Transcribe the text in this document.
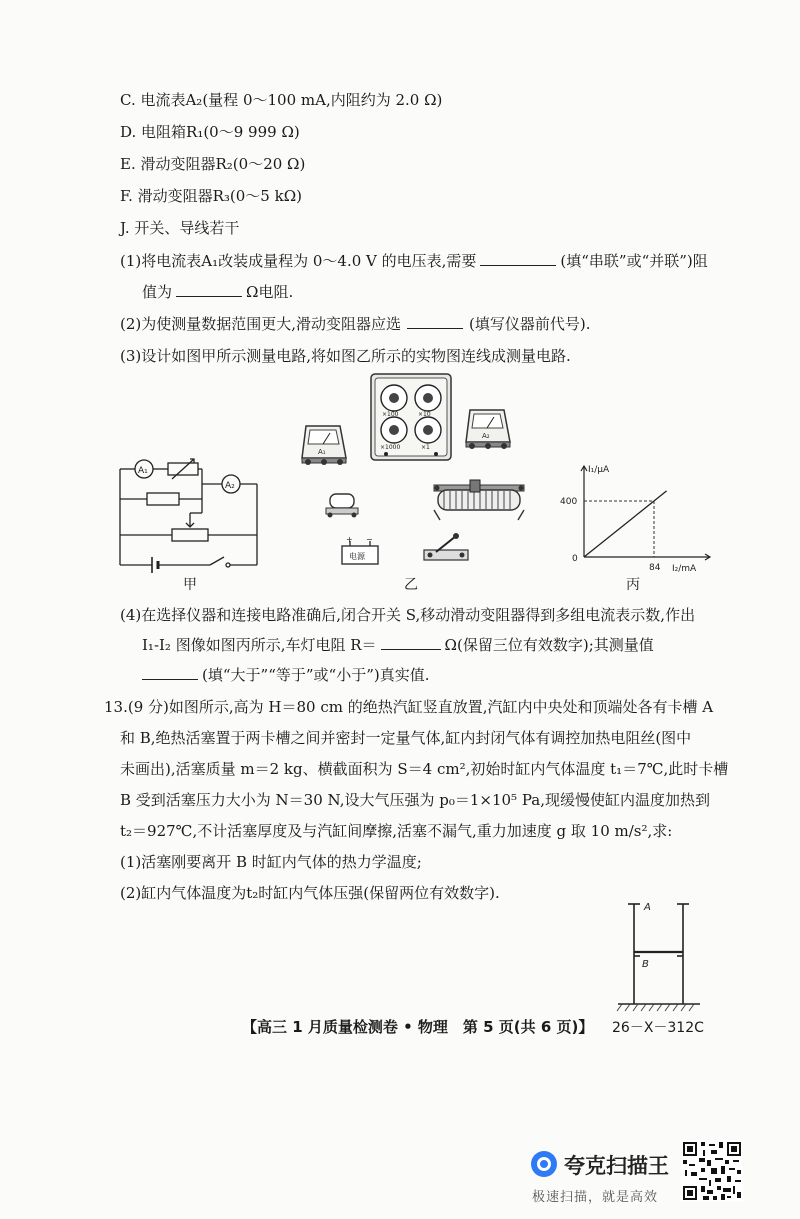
C. 电流表A₂(量程 0～100 mA,内阻约为 2.0 Ω)
D. 电阻箱R₁(0～9 999 Ω)
E. 滑动变阻器R₂(0～20 Ω)
F. 滑动变阻器R₃(0～5 kΩ)
J. 开关、导线若干
(1)将电流表A₁改装成量程为 0～4.0 V 的电压表,需要	(填“串联”或“并联”)阻
值为	Ω电阻.
(2)为使测量数据范围更大,滑动变阻器应选	(填写仪器前代号).
(3)设计如图甲所示测量电路,将如图乙所示的实物图连线成测量电路.
A₁
A₂
甲
×100	×10
×1000	×1
A₁
A₂
+ −
电源
乙
I₁/μA
I₂/mA
400
84
0
丙
(4)在选择仪器和连接电路准确后,闭合开关 S,移动滑动变阻器得到多组电流表示数,作出
I₁-I₂ 图像如图丙所示,车灯电阻 R＝	Ω(保留三位有效数字);其测量值
(填“大于”“等于”或“小于”)真实值.
13.(9 分)如图所示,高为 H＝80 cm 的绝热汽缸竖直放置,汽缸内中央处和顶端处各有卡槽 A
和 B,绝热活塞置于两卡槽之间并密封一定量气体,缸内封闭气体有调控加热电阻丝(图中
未画出),活塞质量 m＝2 kg、横截面积为 S＝4 cm²,初始时缸内气体温度 t₁＝7℃,此时卡槽
B 受到活塞压力大小为 N＝30 N,设大气压强为 p₀＝1×10⁵ Pa,现缓慢使缸内温度加热到
t₂＝927℃,不计活塞厚度及与汽缸间摩擦,活塞不漏气,重力加速度 g 取 10 m/s²,求:
(1)活塞刚要离开 B 时缸内气体的热力学温度;
(2)缸内气体温度为t₂时缸内气体压强(保留两位有效数字).
A
B
【高三 1 月质量检测卷 • 物理　第 5 页(共 6 页)】 26－X－312C
夸克扫描王
极速扫描，就是高效
